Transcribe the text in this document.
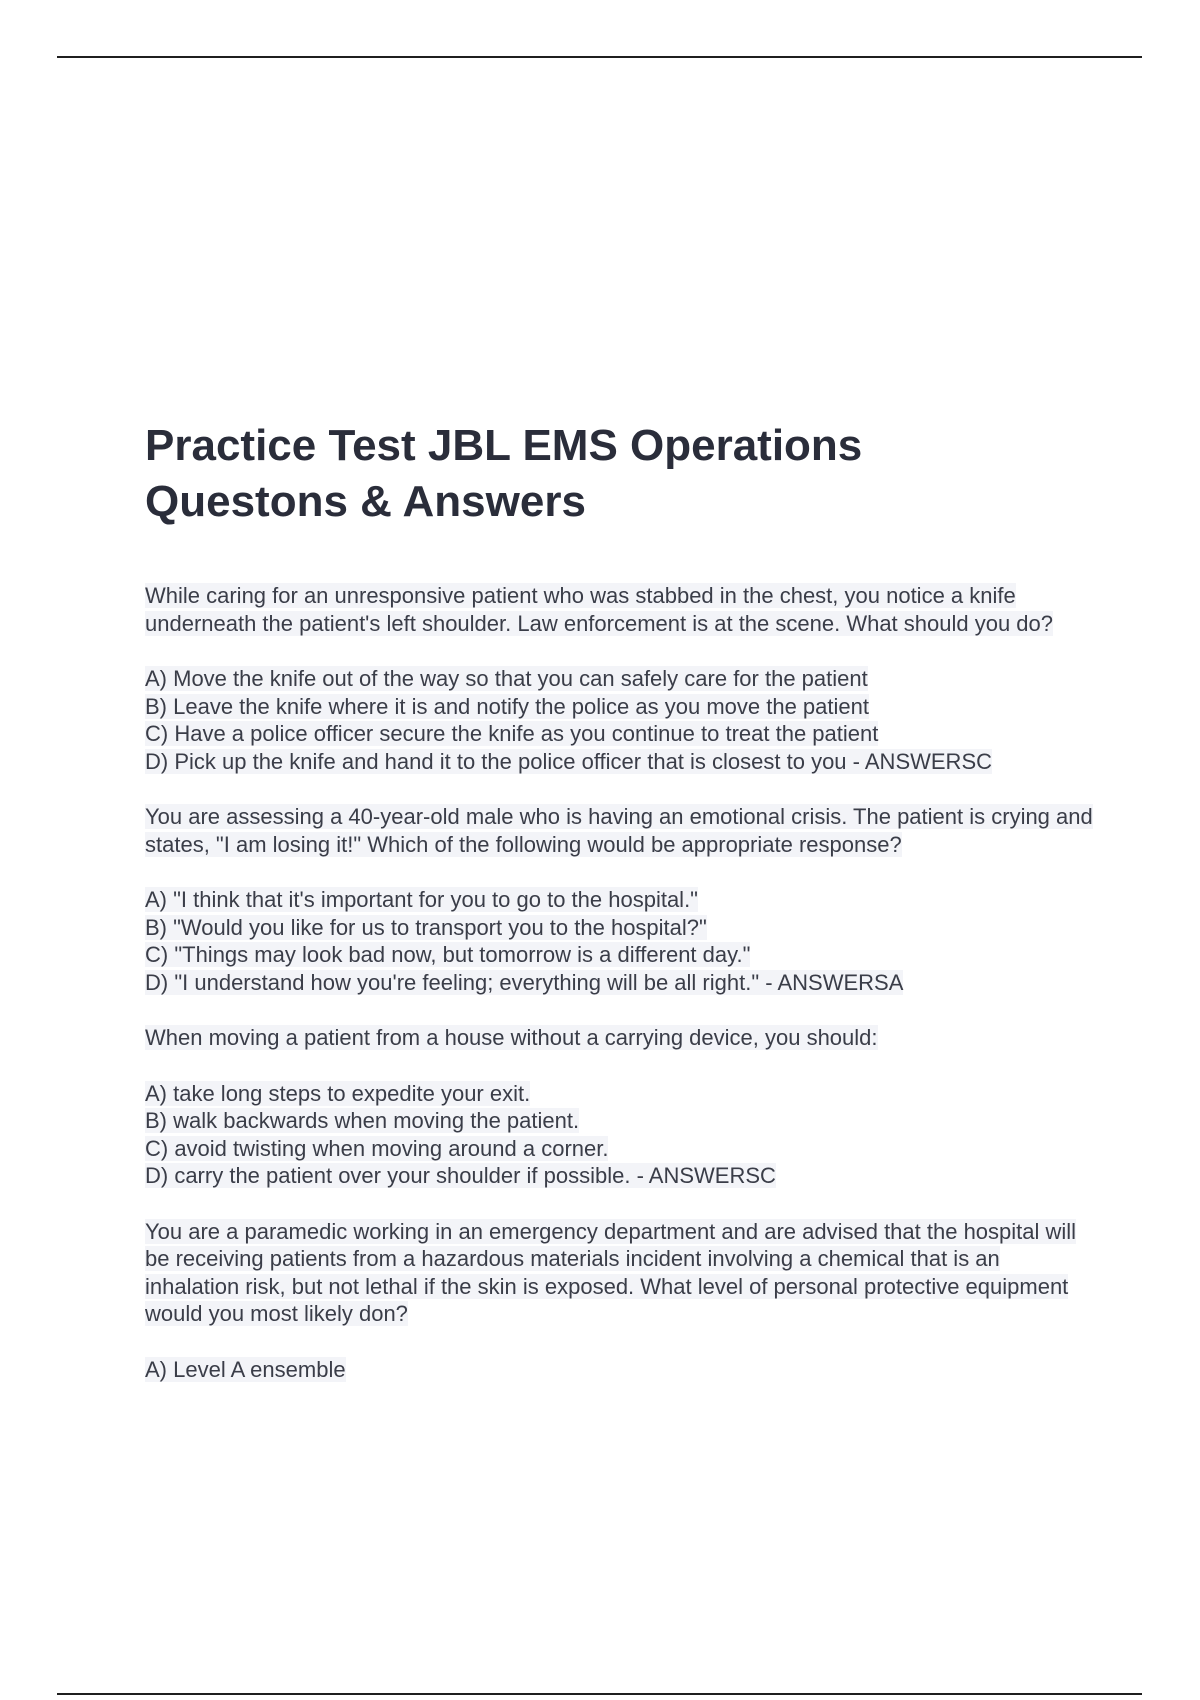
Practice Test JBL EMS Operations
Questons & Answers
While caring for an unresponsive patient who was stabbed in the chest, you notice a knife underneath the patient's left shoulder. Law enforcement is at the scene. What should you do?
A) Move the knife out of the way so that you can safely care for the patient
B) Leave the knife where it is and notify the police as you move the patient
C) Have a police officer secure the knife as you continue to treat the patient
D) Pick up the knife and hand it to the police officer that is closest to you - ANSWERSC
You are assessing a 40-year-old male who is having an emotional crisis. The patient is crying and states, "I am losing it!" Which of the following would be appropriate response?
A) "I think that it's important for you to go to the hospital."
B) "Would you like for us to transport you to the hospital?"
C) "Things may look bad now, but tomorrow is a different day."
D) "I understand how you're feeling; everything will be all right." - ANSWERSA
When moving a patient from a house without a carrying device, you should:
A) take long steps to expedite your exit.
B) walk backwards when moving the patient.
C) avoid twisting when moving around a corner.
D) carry the patient over your shoulder if possible. - ANSWERSC
You are a paramedic working in an emergency department and are advised that the hospital will be receiving patients from a hazardous materials incident involving a chemical that is an inhalation risk, but not lethal if the skin is exposed. What level of personal protective equipment would you most likely don?
A) Level A ensemble
